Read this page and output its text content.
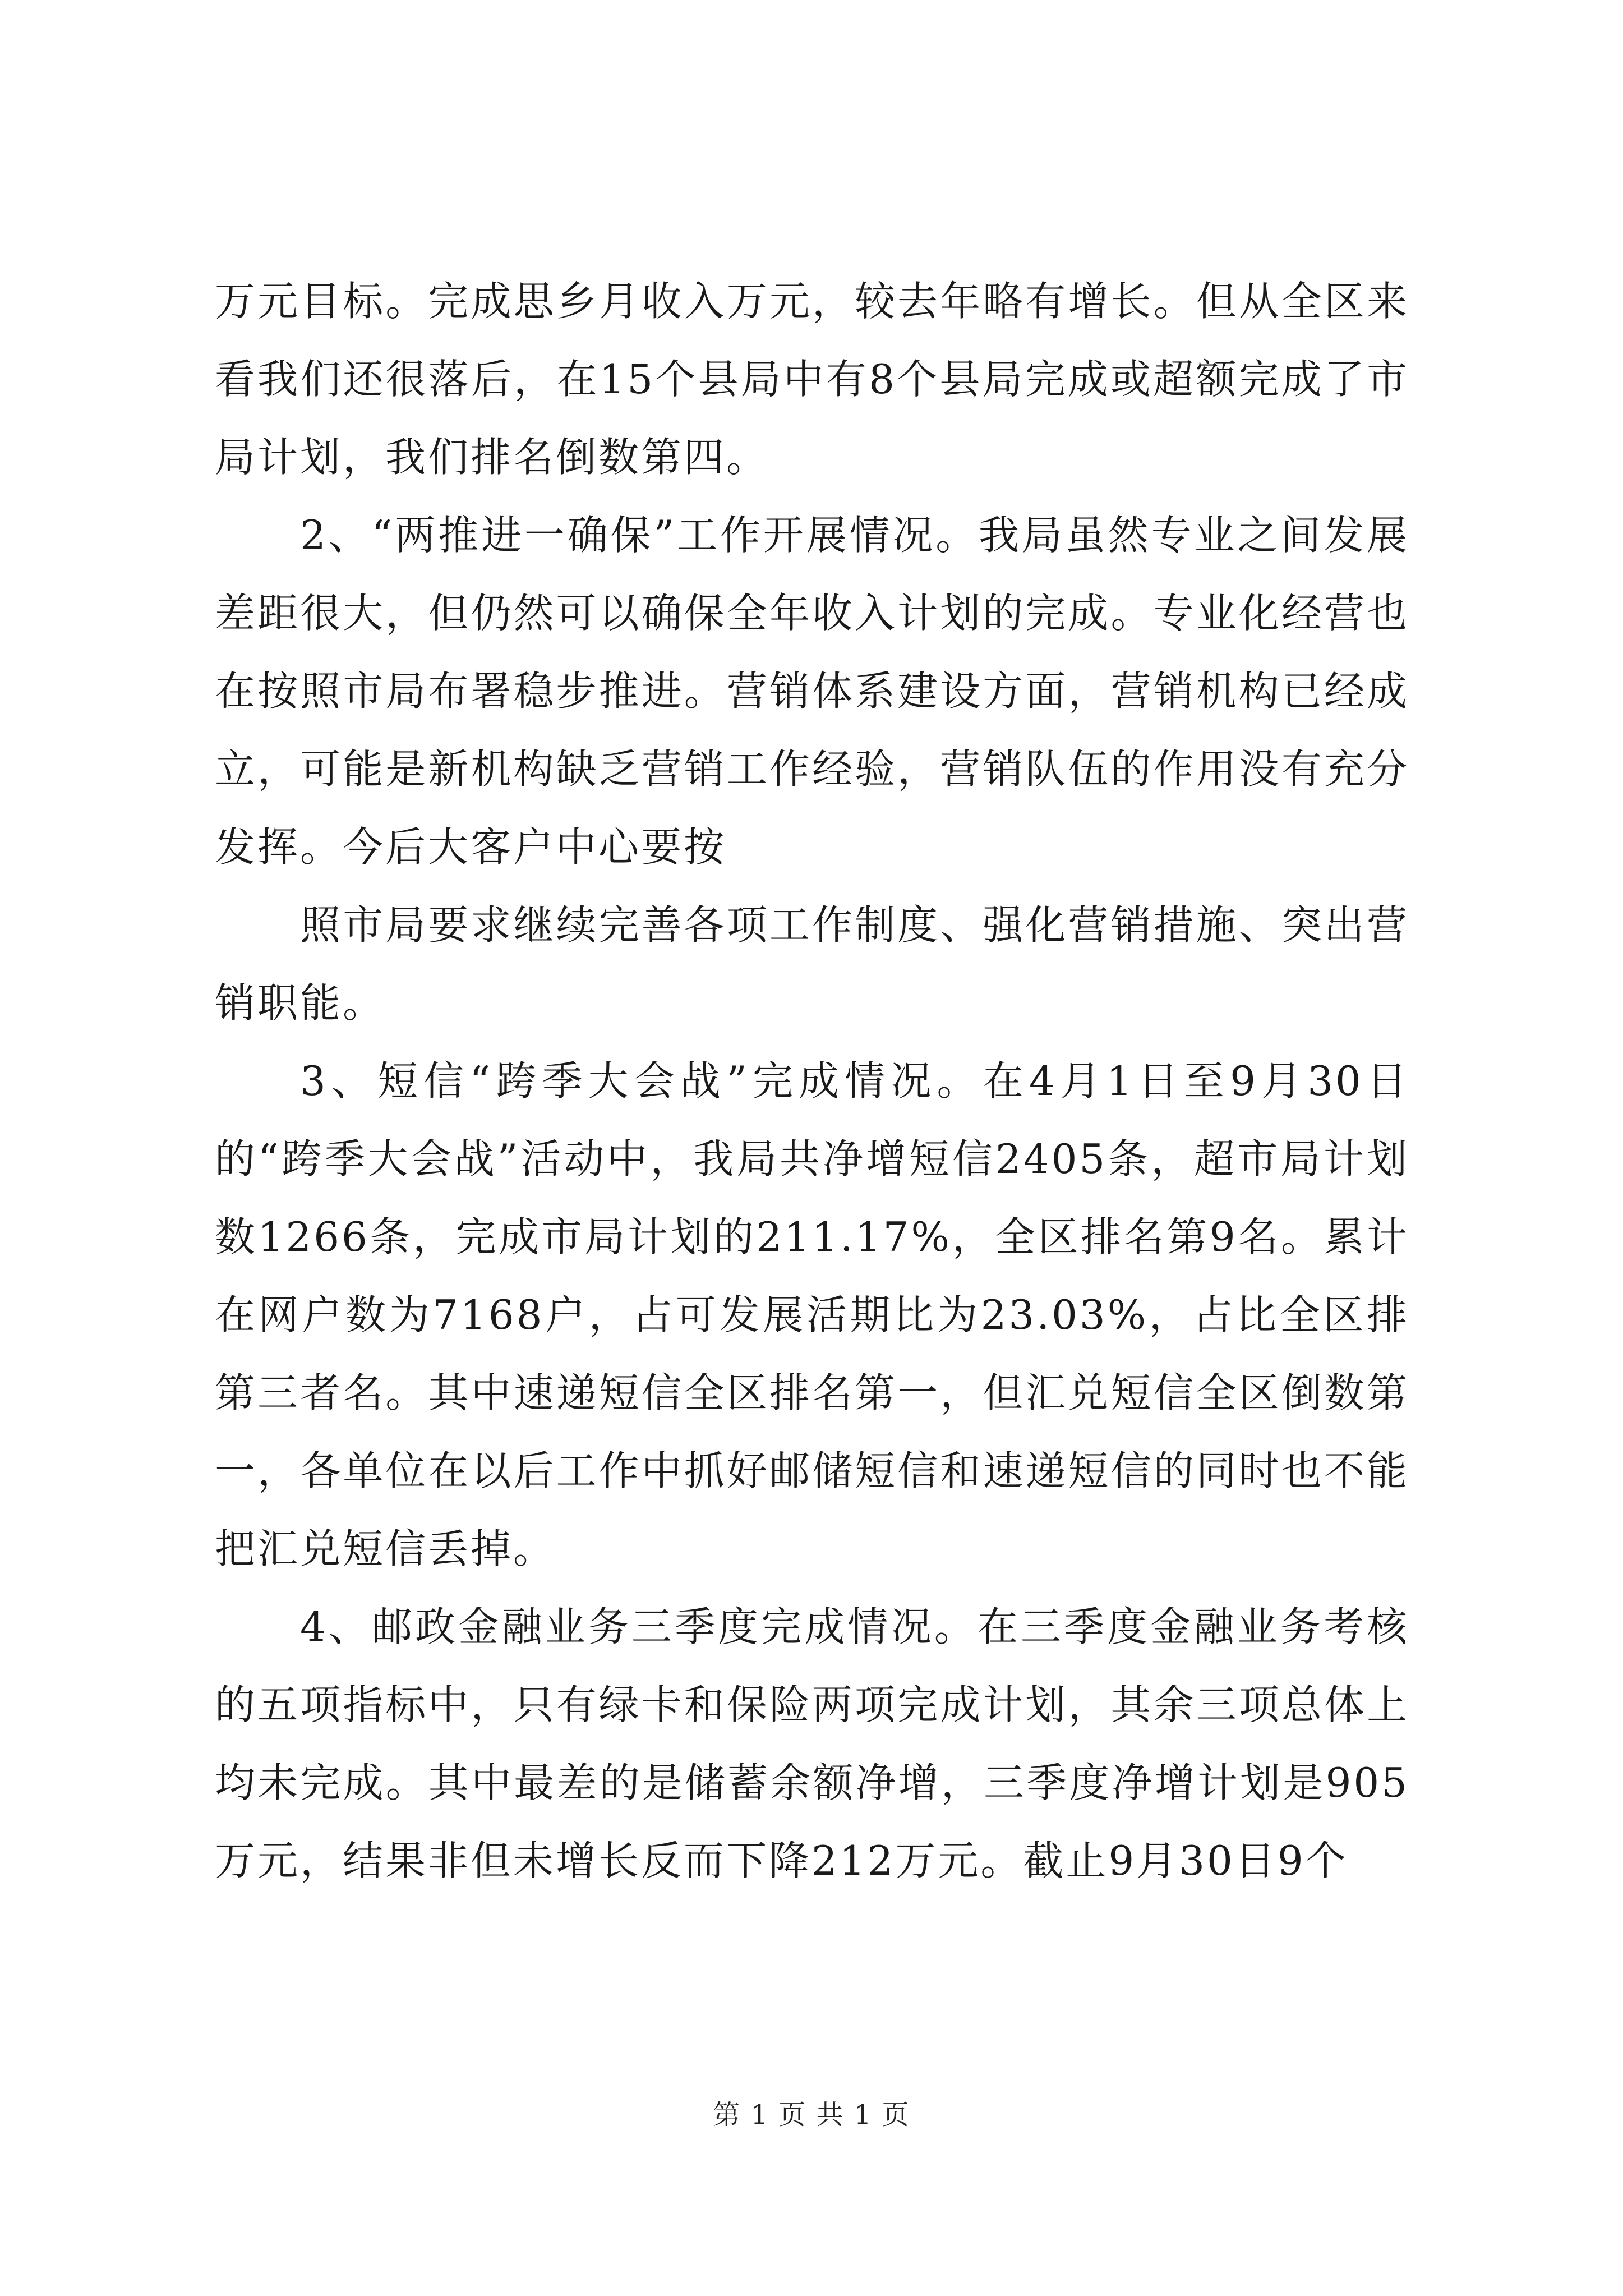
万元目标。完成思乡月收入万元，较去年略有增长。但从全区来看我们还很落后，在15个县局中有8个县局完成或超额完成了市局计划，我们排名倒数第四。

2、“两推进一确保”工作开展情况。我局虽然专业之间发展差距很大，但仍然可以确保全年收入计划的完成。专业化经营也在按照市局布署稳步推进。营销体系建设方面，营销机构已经成立，可能是新机构缺乏营销工作经验，营销队伍的作用没有充分发挥。今后大客户中心要按

照市局要求继续完善各项工作制度、强化营销措施、突出营销职能。

3、短信“跨季大会战”完成情况。在4月1日至9月30日的“跨季大会战”活动中，我局共净增短信2405条，超市局计划数1266条，完成市局计划的211.17%，全区排名第9名。累计在网户数为7168户，占可发展活期比为23.03%，占比全区排第三者名。其中速递短信全区排名第一，但汇兑短信全区倒数第一，各单位在以后工作中抓好邮储短信和速递短信的同时也不能把汇兑短信丢掉。

4、邮政金融业务三季度完成情况。在三季度金融业务考核的五项指标中，只有绿卡和保险两项完成计划，其余三项总体上均未完成。其中最差的是储蓄余额净增，三季度净增计划是905万元，结果非但未增长反而下降212万元。截止9月30日9个

第 1 页 共 1 页
